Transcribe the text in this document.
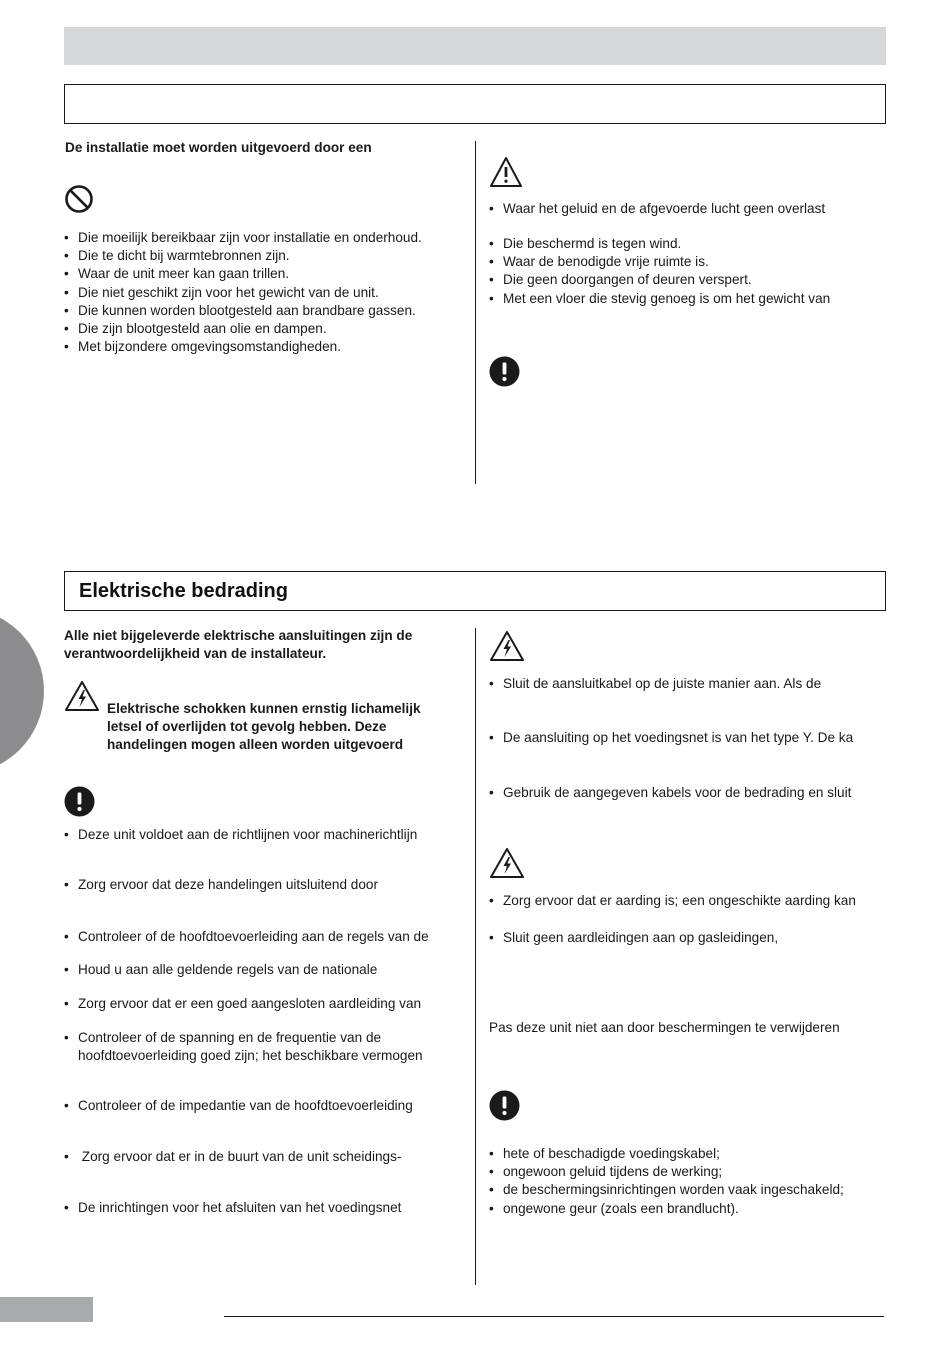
De installatie moet worden uitgevoerd door een
• Die moeilijk bereikbaar zijn voor installatie en onderhoud.
• Die te dicht bij warmtebronnen zijn.
• Waar de unit meer kan gaan trillen.
• Die niet geschikt zijn voor het gewicht van de unit.
• Die kunnen worden blootgesteld aan brandbare gassen.
• Die zijn blootgesteld aan olie en dampen.
• Met bijzondere omgevingsomstandigheden.
• Waar het geluid en de afgevoerde lucht geen overlast
• Die beschermd is tegen wind.
• Waar de benodigde vrije ruimte is.
• Die geen doorgangen of deuren verspert.
• Met een vloer die stevig genoeg is om het gewicht van
Elektrische bedrading
Alle niet bijgeleverde elektrische aansluitingen zijn de
verantwoordelijkheid van de installateur.
Elektrische schokken kunnen ernstig lichamelijk
letsel of overlijden tot gevolg hebben. Deze
handelingen mogen alleen worden uitgevoerd
• Deze unit voldoet aan de richtlijnen voor machinerichtlijn
• Zorg ervoor dat deze handelingen uitsluitend door
• Controleer of de hoofdtoevoerleiding aan de regels van de
• Houd u aan alle geldende regels van de nationale
• Zorg ervoor dat er een goed aangesloten aardleiding van
• Controleer of de spanning en de frequentie van de
hoofdtoevoerleiding goed zijn; het beschikbare vermogen
• Controleer of de impedantie van de hoofdtoevoerleiding
•  Zorg ervoor dat er in de buurt van de unit scheidings-
• De inrichtingen voor het afsluiten van het voedingsnet
• Sluit de aansluitkabel op de juiste manier aan. Als de
• De aansluiting op het voedingsnet is van het type Y. De ka
• Gebruik de aangegeven kabels voor de bedrading en sluit
• Zorg ervoor dat er aarding is; een ongeschikte aarding kan
• Sluit geen aardleidingen aan op gasleidingen,
Pas deze unit niet aan door beschermingen te verwijderen
• hete of beschadigde voedingskabel;
• ongewoon geluid tijdens de werking;
• de beschermingsinrichtingen worden vaak ingeschakeld;
• ongewone geur (zoals een brandlucht).
